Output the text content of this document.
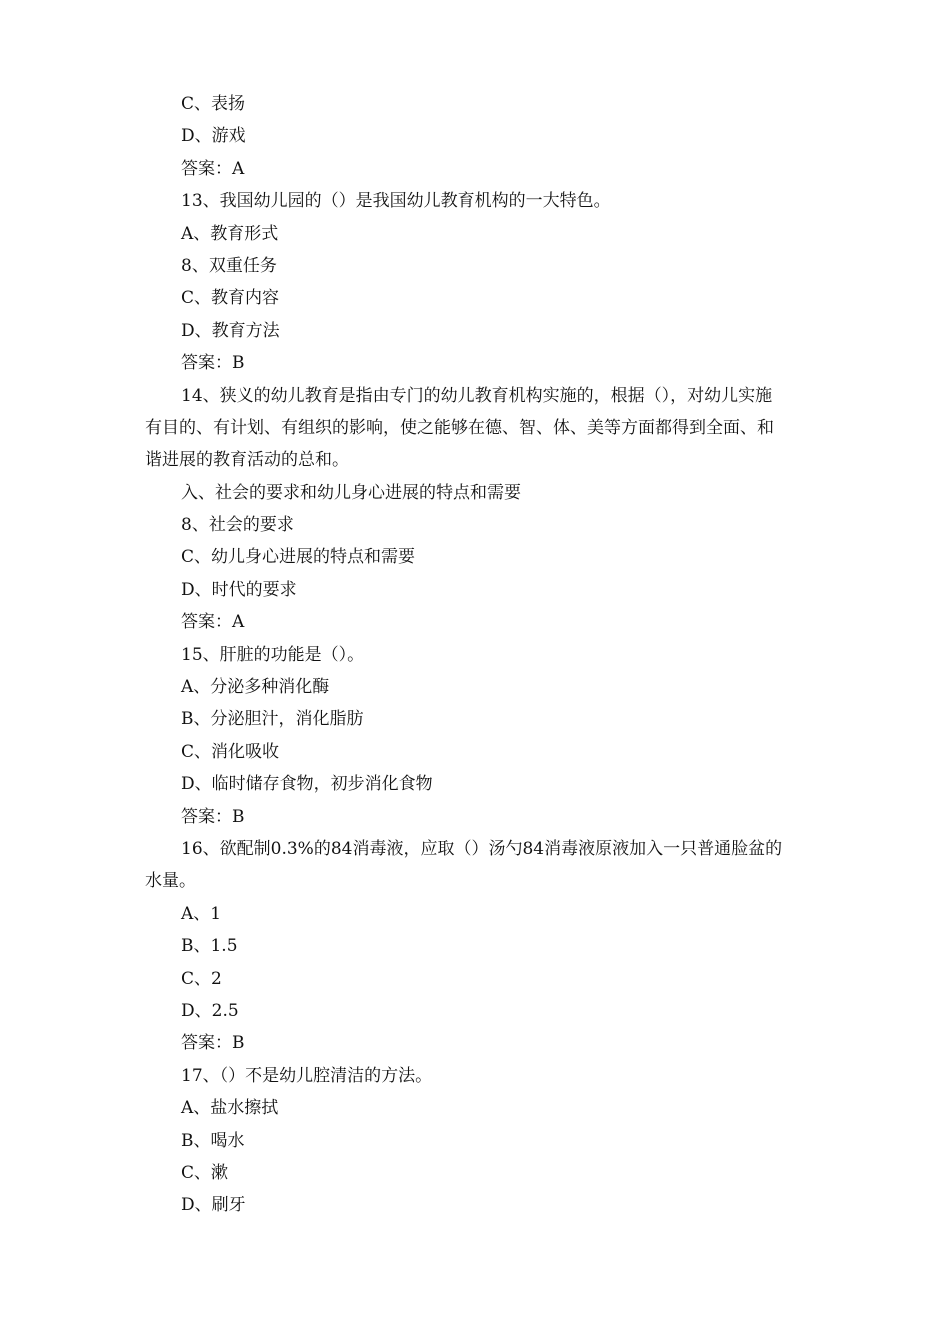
C、表扬
D、游戏
答案：A
13、我国幼儿园的（）是我国幼儿教育机构的一大特色。
A、教育形式
8、双重任务
C、教育内容
D、教育方法
答案：B
14、狭义的幼儿教育是指由专门的幼儿教育机构实施的，根据（），对幼儿实施
有目的、有计划、有组织的影响，使之能够在德、智、体、美等方面都得到全面、和
谐进展的教育活动的总和。
入、社会的要求和幼儿身心进展的特点和需要
8、社会的要求
C、幼儿身心进展的特点和需要
D、时代的要求
答案：A
15、肝脏的功能是（）。
A、分泌多种消化酶
B、分泌胆汁，消化脂肪
C、消化吸收
D、临时储存食物，初步消化食物
答案：B
16、欲配制0.3%的84消毒液，应取（）汤勺84消毒液原液加入一只普通脸盆的
水量。
A、1
B、1.5
C、2
D、2.5
答案：B
17、（）不是幼儿腔清洁的方法。
A、盐水擦拭
B、喝水
C、漱
D、刷牙
